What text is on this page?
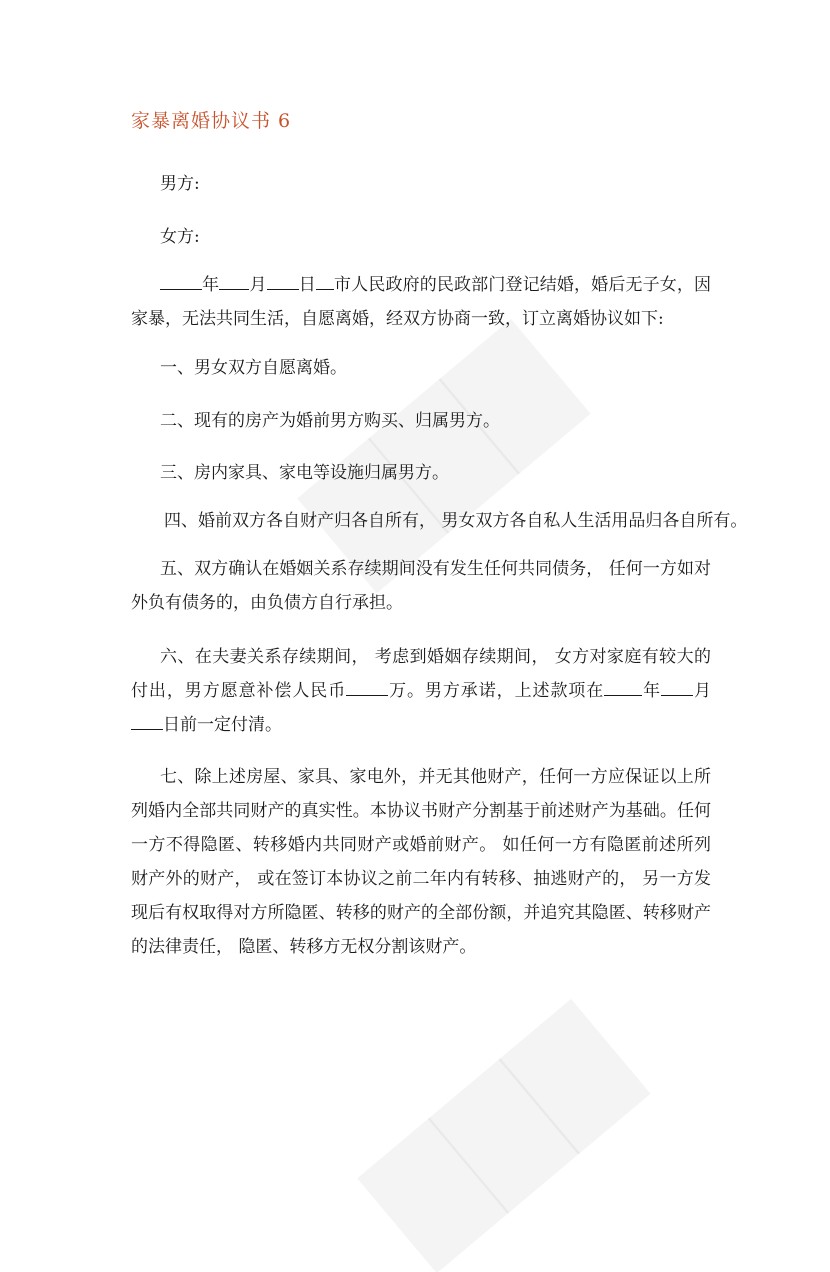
家暴离婚协议书 6
男方:
女方:
年 月 日 市人民政府的民政部门登记结婚，婚后无子女，因家暴，无法共同生活，自愿离婚，经双方协商一致，订立离婚协议如下:
一、男女双方自愿离婚。
二、现有的房产为婚前男方购买、归属男方。
三、房内家具、家电等设施归属男方。
四、婚前双方各自财产归各自所有， 男女双方各自私人生活用品归各自所有。
五、双方确认在婚姻关系存续期间没有发生任何共同债务， 任何一方如对外负有债务的，由负债方自行承担。
六、在夫妻关系存续期间， 考虑到婚姻存续期间， 女方对家庭有较大的付出，男方愿意补偿人民币 万。男方承诺，上述款项在 年 月日前一定付清。
七、除上述房屋、家具、家电外，并无其他财产，任何一方应保证以上所列婚内全部共同财产的真实性。本协议书财产分割基于前述财产为基础。任何一方不得隐匿、转移婚内共同财产或婚前财产。 如任何一方有隐匿前述所列财产外的财产， 或在签订本协议之前二年内有转移、抽逃财产的， 另一方发现后有权取得对方所隐匿、转移的财产的全部份额，并追究其隐匿、转移财产的法律责任， 隐匿、转移方无权分割该财产。
